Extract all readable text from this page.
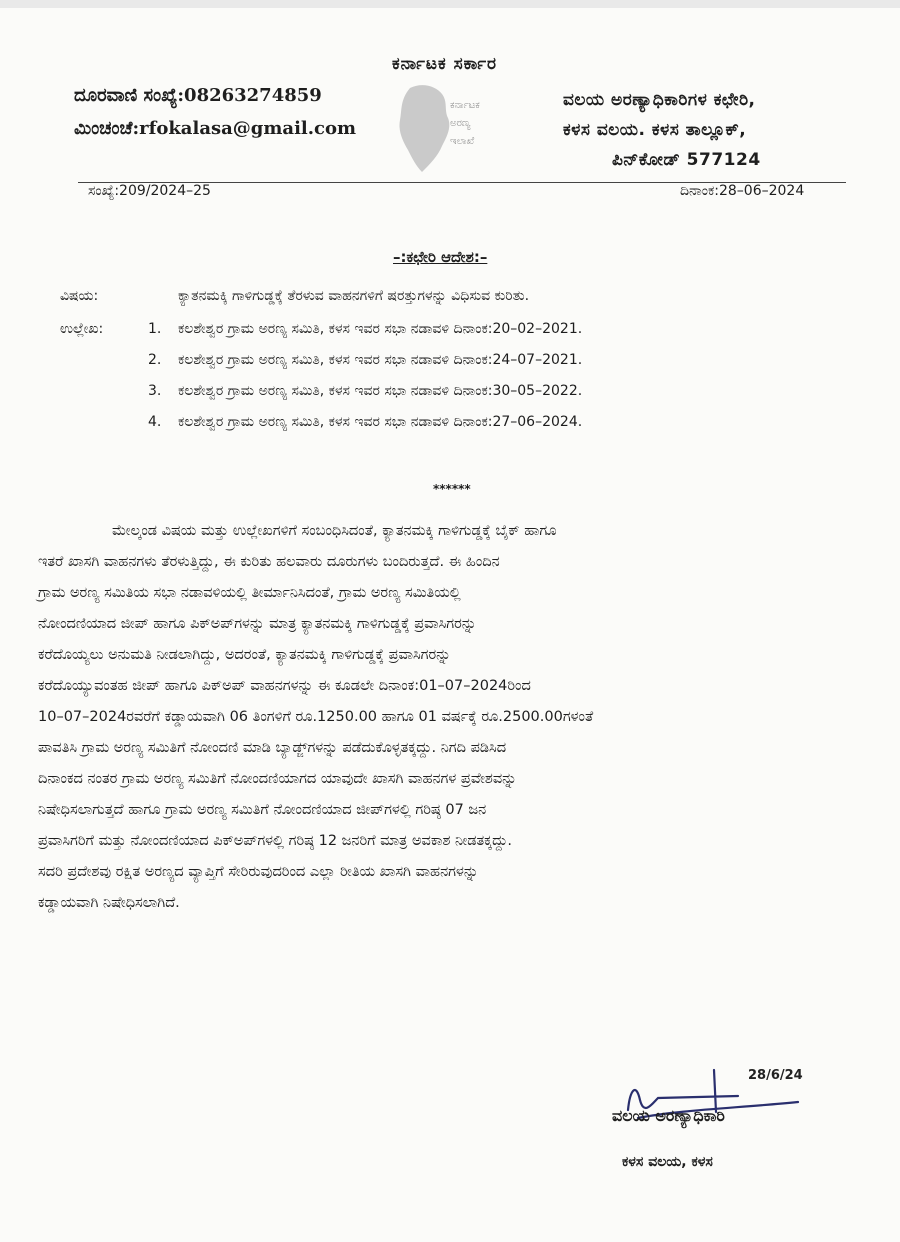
ಕರ್ನಾಟಕ ಸರ್ಕಾರ
ದೂರವಾಣಿ ಸಂಖ್ಯೆ:08263274859
ಮಿಂಚಂಚೆ:rfokalasa@gmail.com
ಕರ್ನಾಟಕ
ಅರಣ್ಯ
ಇಲಾಖೆ
ವಲಯ ಅರಣ್ಯಾಧಿಕಾರಿಗಳ ಕಛೇರಿ,
ಕಳಸ ವಲಯ. ಕಳಸ ತಾಲ್ಲೂಕ್,
ಪಿನ್‌ಕೋಡ್ 577124
ಸಂಖ್ಯೆ:209/2024–25	ದಿನಾಂಕ:28–06–2024
–:ಕಛೇರಿ ಆದೇಶ:–
ವಿಷಯ:	ಕ್ಯಾತನಮಕ್ಕಿ ಗಾಳಿಗುಡ್ಡಕ್ಕೆ ತೆರಳುವ ವಾಹನಗಳಿಗೆ ಷರತ್ತುಗಳನ್ನು ವಿಧಿಸುವ ಕುರಿತು.
ಉಲ್ಲೇಖ:	1. ಕಲಶೇಶ್ವರ ಗ್ರಾಮ ಅರಣ್ಯ ಸಮಿತಿ, ಕಳಸ ಇವರ ಸಭಾ ನಡಾವಳಿ ದಿನಾಂಕ:20–02–2021.
2. ಕಲಶೇಶ್ವರ ಗ್ರಾಮ ಅರಣ್ಯ ಸಮಿತಿ, ಕಳಸ ಇವರ ಸಭಾ ನಡಾವಳಿ ದಿನಾಂಕ:24–07–2021.
3. ಕಲಶೇಶ್ವರ ಗ್ರಾಮ ಅರಣ್ಯ ಸಮಿತಿ, ಕಳಸ ಇವರ ಸಭಾ ನಡಾವಳಿ ದಿನಾಂಕ:30–05–2022.
4. ಕಲಶೇಶ್ವರ ಗ್ರಾಮ ಅರಣ್ಯ ಸಮಿತಿ, ಕಳಸ ಇವರ ಸಭಾ ನಡಾವಳಿ ದಿನಾಂಕ:27–06–2024.
******
ಮೇಲ್ಕಂಡ ವಿಷಯ ಮತ್ತು ಉಲ್ಲೇಖಗಳಿಗೆ ಸಂಬಂಧಿಸಿದಂತೆ, ಕ್ಯಾತನಮಕ್ಕಿ ಗಾಳಿಗುಡ್ಡಕ್ಕೆ ಬೈಕ್ ಹಾಗೂ
ಇತರೆ ಖಾಸಗಿ ವಾಹನಗಳು ತೆರಳುತ್ತಿದ್ದು, ಈ ಕುರಿತು ಹಲವಾರು ದೂರುಗಳು ಬಂದಿರುತ್ತದೆ. ಈ ಹಿಂದಿನ
ಗ್ರಾಮ ಅರಣ್ಯ ಸಮಿತಿಯ ಸಭಾ ನಡಾವಳಿಯಲ್ಲಿ ತೀರ್ಮಾನಿಸಿದಂತೆ, ಗ್ರಾಮ ಅರಣ್ಯ ಸಮಿತಿಯಲ್ಲಿ
ನೋಂದಣಿಯಾದ ಜೀಪ್ ಹಾಗೂ ಪಿಕ್‌ಅಪ್‌ಗಳನ್ನು ಮಾತ್ರ ಕ್ಯಾತನಮಕ್ಕಿ ಗಾಳಿಗುಡ್ಡಕ್ಕೆ ಪ್ರವಾಸಿಗರನ್ನು
ಕರೆದೊಯ್ಯಲು ಅನುಮತಿ ನೀಡಲಾಗಿದ್ದು, ಅದರಂತೆ, ಕ್ಯಾತನಮಕ್ಕಿ ಗಾಳಿಗುಡ್ಡಕ್ಕೆ ಪ್ರವಾಸಿಗರನ್ನು
ಕರೆದೊಯ್ಯುವಂತಹ ಜೀಪ್ ಹಾಗೂ ಪಿಕ್‌ಅಪ್ ವಾಹನಗಳನ್ನು ಈ ಕೂಡಲೇ ದಿನಾಂಕ:01–07–2024ರಿಂದ
10–07–2024ರವರೆಗೆ ಕಡ್ಡಾಯವಾಗಿ 06 ತಿಂಗಳಿಗೆ ರೂ.1250.00 ಹಾಗೂ 01 ವರ್ಷಕ್ಕೆ ರೂ.2500.00ಗಳಂತೆ
ಪಾವತಿಸಿ ಗ್ರಾಮ ಅರಣ್ಯ ಸಮಿತಿಗೆ ನೋಂದಣಿ ಮಾಡಿ ಬ್ಯಾಡ್ಜ್‌ಗಳನ್ನು ಪಡೆದುಕೊಳ್ಳತಕ್ಕದ್ದು. ನಿಗದಿ ಪಡಿಸಿದ
ದಿನಾಂಕದ ನಂತರ ಗ್ರಾಮ ಅರಣ್ಯ ಸಮಿತಿಗೆ ನೋಂದಣಿಯಾಗದ ಯಾವುದೇ ಖಾಸಗಿ ವಾಹನಗಳ ಪ್ರವೇಶವನ್ನು
ನಿಷೇಧಿಸಲಾಗುತ್ತದೆ ಹಾಗೂ ಗ್ರಾಮ ಅರಣ್ಯ ಸಮಿತಿಗೆ ನೋಂದಣಿಯಾದ ಜೀಪ್‌ಗಳಲ್ಲಿ ಗರಿಷ್ಠ 07 ಜನ
ಪ್ರವಾಸಿಗರಿಗೆ ಮತ್ತು ನೋಂದಣಿಯಾದ ಪಿಕ್‌ಅಪ್‌ಗಳಲ್ಲಿ ಗರಿಷ್ಠ 12 ಜನರಿಗೆ ಮಾತ್ರ ಅವಕಾಶ ನೀಡತಕ್ಕದ್ದು.
ಸದರಿ ಪ್ರದೇಶವು ರಕ್ಷಿತ ಅರಣ್ಯದ ವ್ಯಾಪ್ತಿಗೆ ಸೇರಿರುವುದರಿಂದ ಎಲ್ಲಾ ರೀತಿಯ ಖಾಸಗಿ ವಾಹನಗಳನ್ನು
ಕಡ್ಡಾಯವಾಗಿ ನಿಷೇಧಿಸಲಾಗಿದೆ.
28/6/24
ವಲಯ ಅರಣ್ಯಾಧಿಕಾರಿ
ಕಳಸ ವಲಯ, ಕಳಸ
